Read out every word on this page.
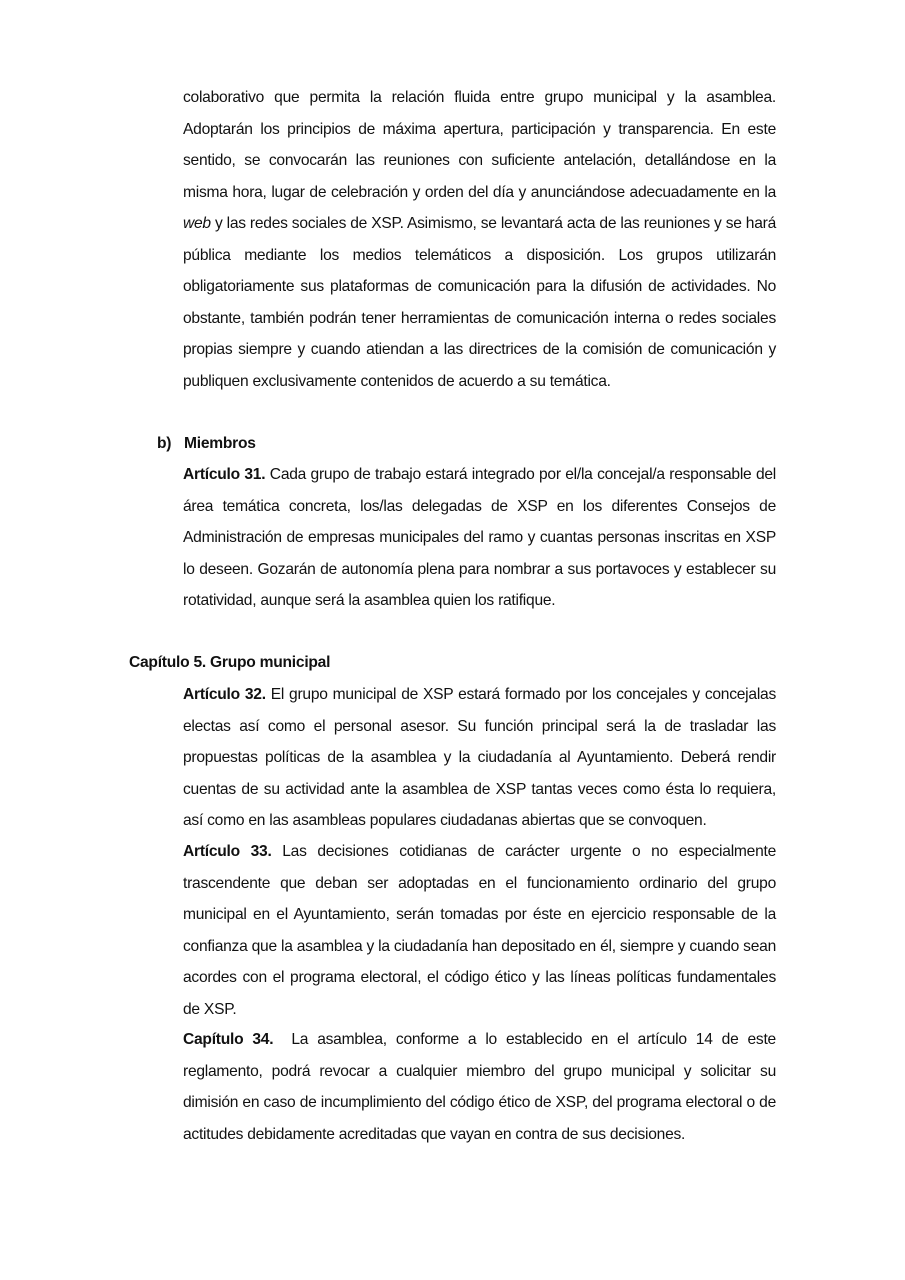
colaborativo que permita la relación fluida entre grupo municipal y la asamblea. Adoptarán los principios de máxima apertura, participación y transparencia. En este sentido, se convocarán las reuniones con suficiente antelación, detallándose en la misma hora, lugar de celebración y orden del día y anunciándose adecuadamente en la web y las redes sociales de XSP. Asimismo, se levantará acta de las reuniones y se hará pública mediante los medios telemáticos a disposición. Los grupos utilizarán obligatoriamente sus plataformas de comunicación para la difusión de actividades. No obstante, también podrán tener herramientas de comunicación interna o redes sociales propias siempre y cuando atiendan a las directrices de la comisión de comunicación y publiquen exclusivamente contenidos de acuerdo a su temática.

b) Miembros

Artículo 31. Cada grupo de trabajo estará integrado por el/la concejal/a responsable del área temática concreta, los/las delegadas de XSP en los diferentes Consejos de Administración de empresas municipales del ramo y cuantas personas inscritas en XSP lo deseen. Gozarán de autonomía plena para nombrar a sus portavoces y establecer su rotatividad, aunque será la asamblea quien los ratifique.

Capítulo 5. Grupo municipal

Artículo 32. El grupo municipal de XSP estará formado por los concejales y concejalas electas así como el personal asesor. Su función principal será la de trasladar las propuestas políticas de la asamblea y la ciudadanía al Ayuntamiento. Deberá rendir cuentas de su actividad ante la asamblea de XSP tantas veces como ésta lo requiera, así como en las asambleas populares ciudadanas abiertas que se convoquen.

Artículo 33. Las decisiones cotidianas de carácter urgente o no especialmente trascendente que deban ser adoptadas en el funcionamiento ordinario del grupo municipal en el Ayuntamiento, serán tomadas por éste en ejercicio responsable de la confianza que la asamblea y la ciudadanía han depositado en él, siempre y cuando sean acordes con el programa electoral, el código ético y las líneas políticas fundamentales de XSP.

Capítulo 34.  La asamblea, conforme a lo establecido en el artículo 14 de este reglamento, podrá revocar a cualquier miembro del grupo municipal y solicitar su dimisión en caso de incumplimiento del código ético de XSP, del programa electoral o de actitudes debidamente acreditadas que vayan en contra de sus decisiones.
